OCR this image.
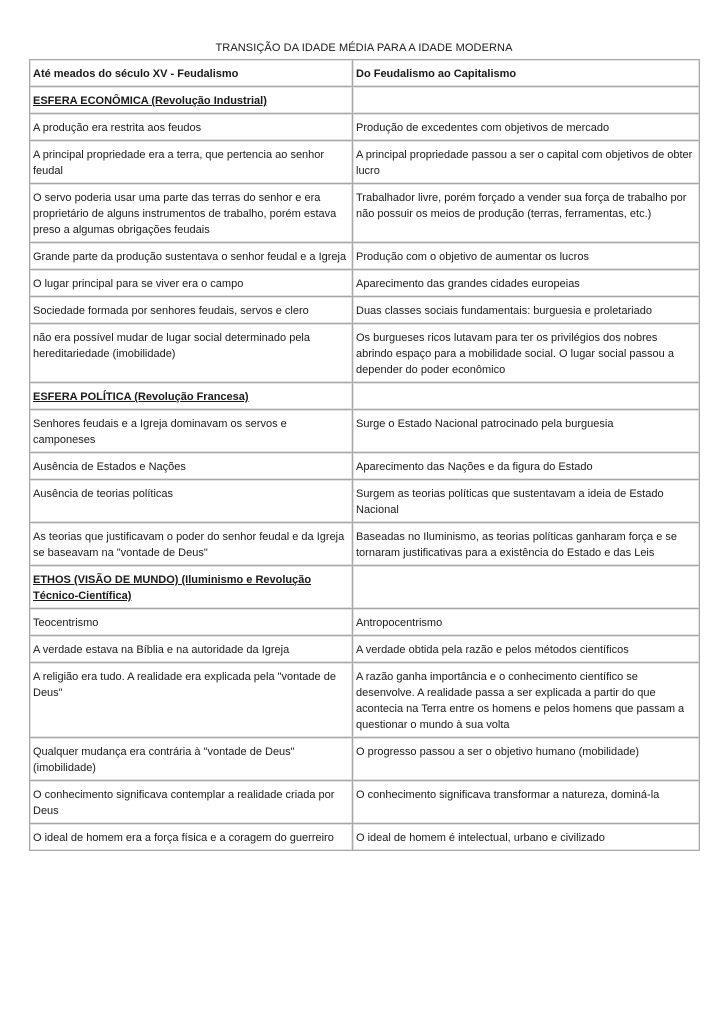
TRANSIÇÃO DA IDADE MÉDIA PARA A IDADE MODERNA
Até meados do século XV - Feudalismo	Do Feudalismo ao Capitalismo
ESFERA ECONÔMICA (Revolução Industrial)	
A produção era restrita aos feudos	Produção de excedentes com objetivos de mercado
A principal propriedade era a terra, que pertencia ao senhor feudal	A principal propriedade passou a ser o capital com objetivos de obter lucro
O servo poderia usar uma parte das terras do senhor e era proprietário de alguns instrumentos de trabalho, porém estava preso a algumas obrigações feudais	Trabalhador livre, porém forçado a vender sua força de trabalho por não possuir os meios de produção (terras, ferramentas, etc.)
Grande parte da produção sustentava o senhor feudal e a Igreja	Produção com o objetivo de aumentar os lucros
O lugar principal para se viver era o campo	Aparecimento das grandes cidades europeias
Sociedade formada por senhores feudais, servos e clero	Duas classes sociais fundamentais: burguesia e proletariado
não era possível mudar de lugar social determinado pela hereditariedade (imobilidade)	Os burgueses ricos lutavam para ter os privilégios dos nobres abrindo espaço para a mobilidade social. O lugar social passou a depender do poder econômico
ESFERA POLÍTICA (Revolução Francesa)	
Senhores feudais e a Igreja dominavam os servos e camponeses	Surge o Estado Nacional patrocinado pela burguesia
Ausência de Estados e Nações	Aparecimento das Nações e da figura do Estado
Ausência de teorias políticas	Surgem as teorias políticas que sustentavam a ideia de Estado Nacional
As teorias que justificavam o poder do senhor feudal e da Igreja se baseavam na "vontade de Deus"	Baseadas no Iluminismo, as teorias políticas ganharam força e se tornaram justificativas para a existência do Estado e das Leis
ETHOS (VISÃO DE MUNDO) (Iluminismo e Revolução Técnico-Científica)	
Teocentrismo	Antropocentrismo
A verdade estava na Bíblia e na autoridade da Igreja	A verdade obtida pela razão e pelos métodos científicos
A religião era tudo. A realidade era explicada pela "vontade de Deus"	A razão ganha importância e o conhecimento científico se desenvolve. A realidade passa a ser explicada a partir do que acontecia na Terra entre os homens e pelos homens que passam a questionar o mundo à sua volta
Qualquer mudança era contrária à "vontade de Deus" (imobilidade)	O progresso passou a ser o objetivo humano (mobilidade)
O conhecimento significava contemplar a realidade criada por Deus	O conhecimento significava transformar a natureza, dominá-la
O ideal de homem era a força física e a coragem do guerreiro	O ideal de homem é intelectual, urbano e civilizado
